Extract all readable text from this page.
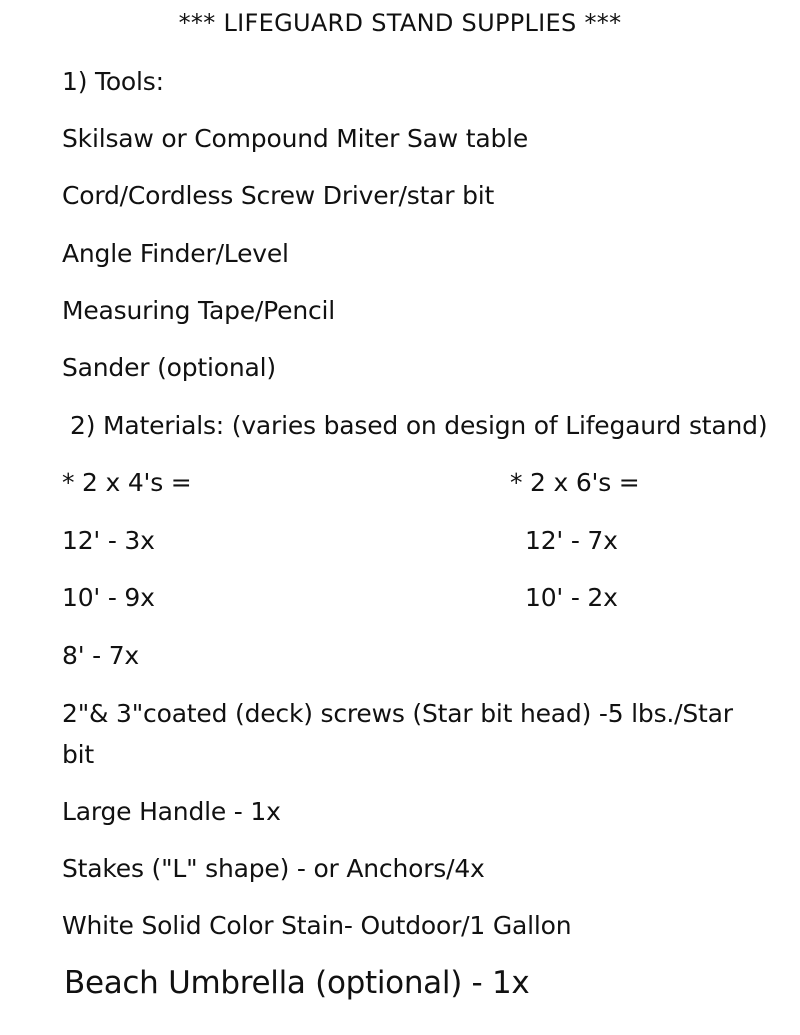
*** LIFEGUARD STAND SUPPLIES ***
1) Tools:
Skilsaw or Compound Miter Saw table
Cord/Cordless Screw Driver/star bit
Angle Finder/Level
Measuring Tape/Pencil
Sander (optional)
2) Materials: (varies based on design of Lifegaurd stand)
* 2 x 4's =	* 2 x 6's =
12' - 3x	12' - 7x
10' - 9x	10' - 2x
8' - 7x
2"& 3"coated (deck) screws (Star bit head) -5 lbs./Star bit
Large Handle - 1x
Stakes ("L" shape) - or Anchors/4x
White Solid Color Stain- Outdoor/1 Gallon
Beach Umbrella (optional) - 1x
